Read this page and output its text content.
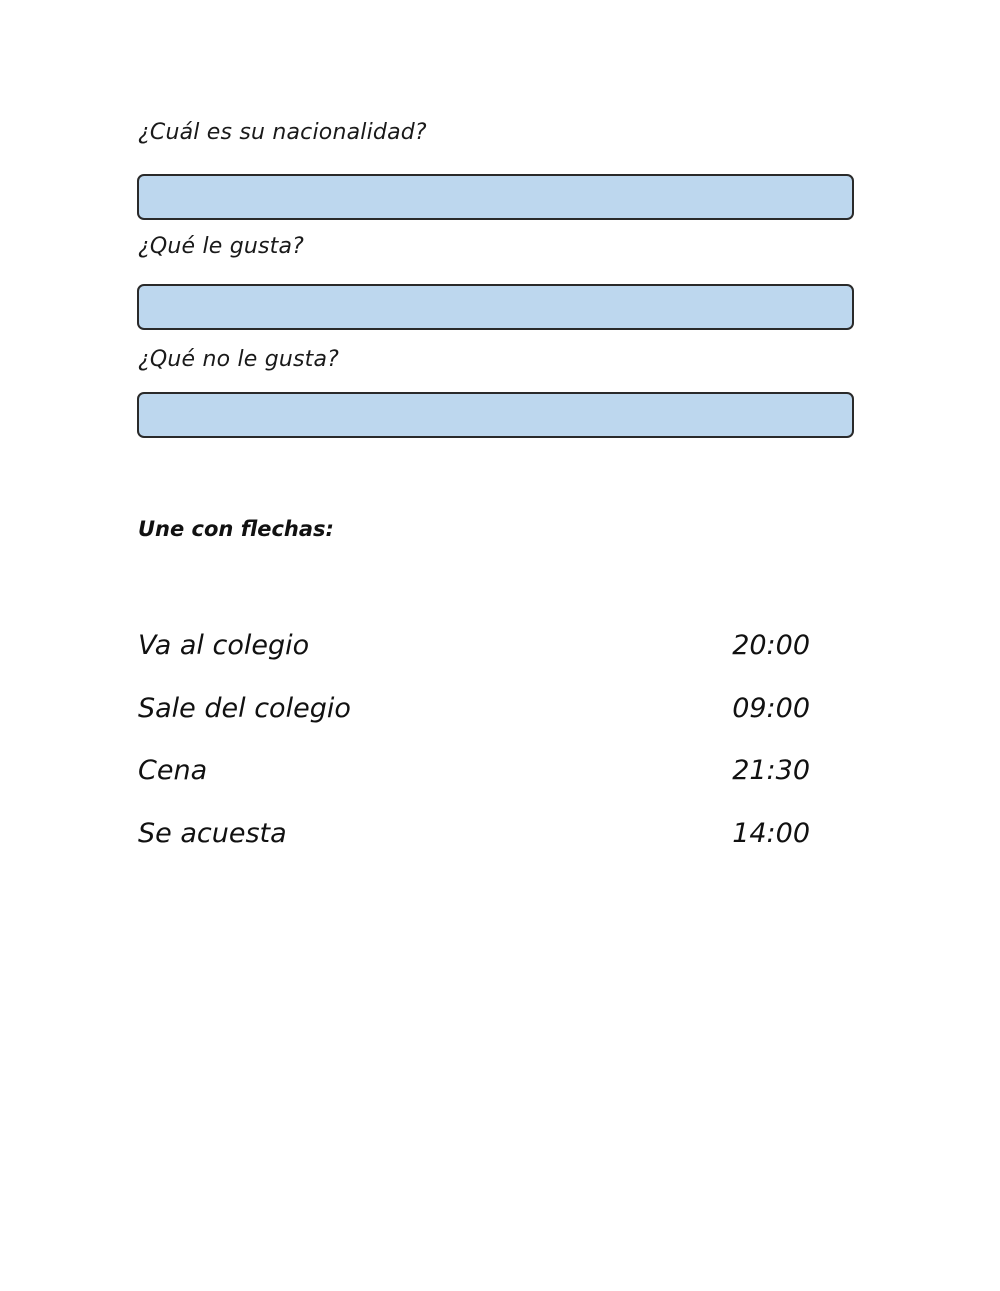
¿Cuál es su nacionalidad?
¿Qué le gusta?
¿Qué no le gusta?
Une con flechas:
Va al colegio	20:00
Sale del colegio	09:00
Cena	21:30
Se acuesta	14:00
